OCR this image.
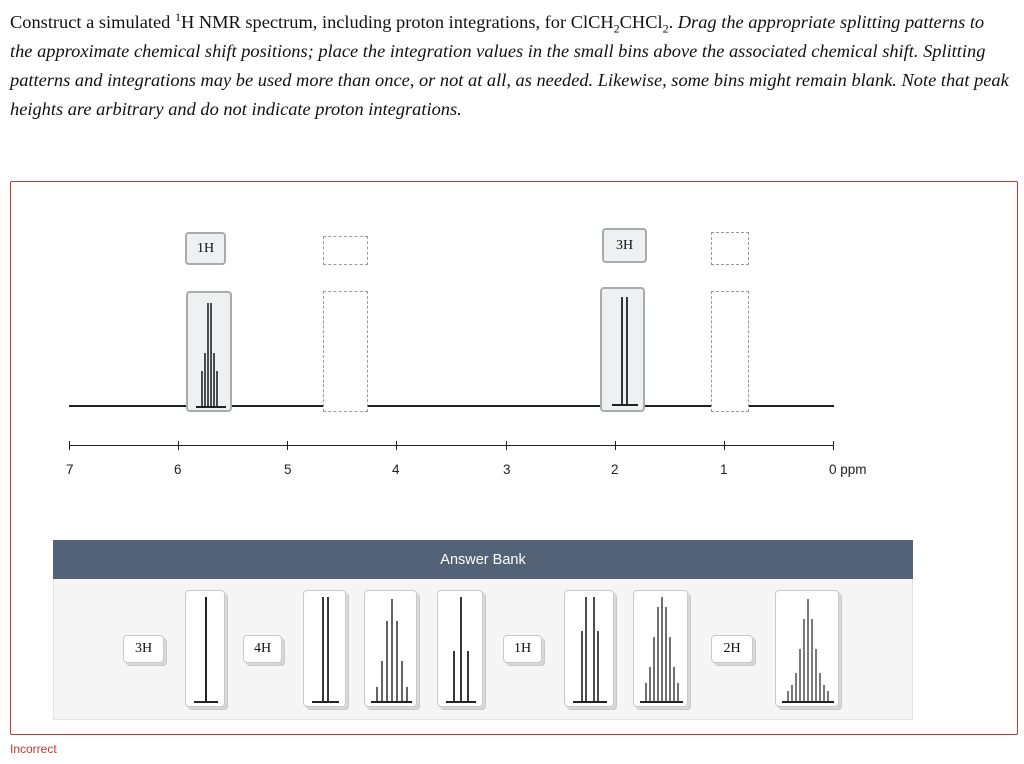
Construct a simulated $^1$H NMR spectrum, including proton integrations, for ClCH$_2$CHCl$_2$. Drag the appropriate splitting patterns to the approximate chemical shift positions; place the integration values in the small bins above the associated chemical shift. Splitting patterns and integrations may be used more than once, or not at all, as needed. Likewise, some bins might remain blank. Note that peak heights are arbitrary and do not indicate proton integrations.
1H	3H
7	6	5	4	3	2	1	0 ppm
Answer Bank
3H	4H	1H	2H
Incorrect
